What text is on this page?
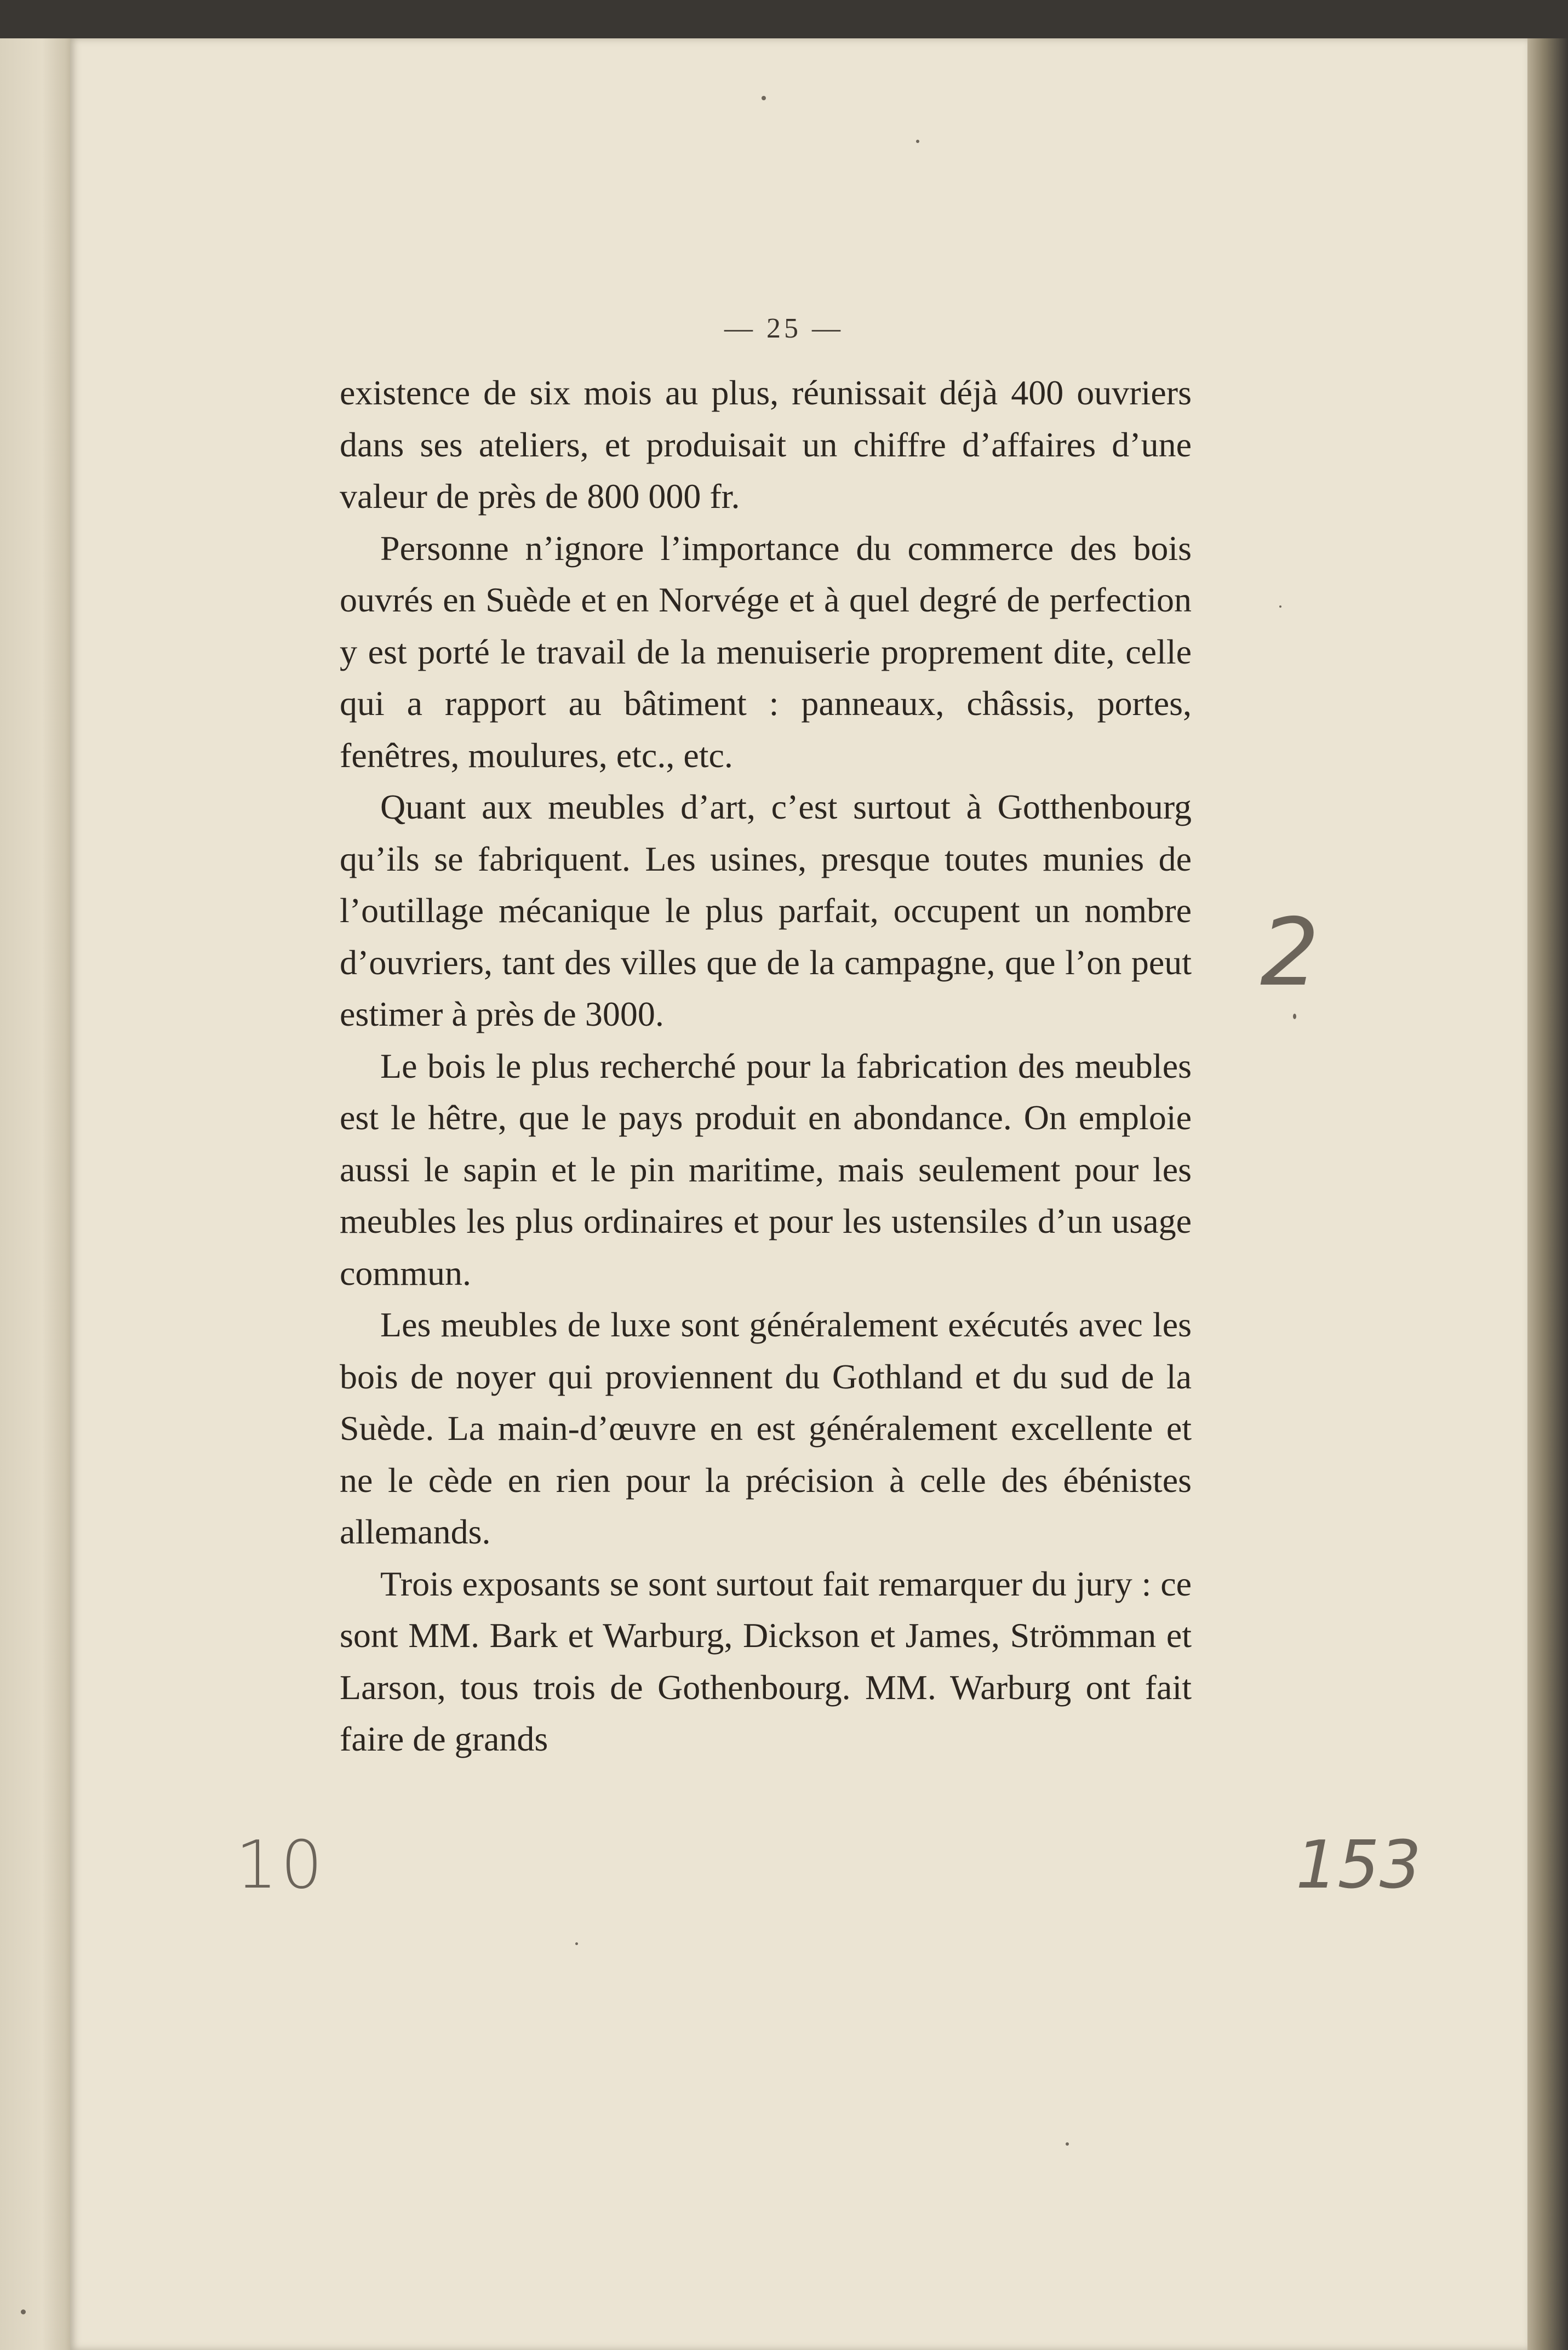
— 25 —

existence de six mois au plus, réunissait déjà 400 ouvriers dans ses ateliers, et produisait un chiffre d’affaires d’une valeur de près de 800 000 fr.

Personne n’ignore l’importance du commerce des bois ouvrés en Suède et en Norvége et à quel degré de perfection y est porté le travail de la menuiserie proprement dite, celle qui a rapport au bâtiment : panneaux, châssis, portes, fenêtres, moulures, etc., etc.

Quant aux meubles d’art, c’est surtout à Gotthenbourg qu’ils se fabriquent. Les usines, presque toutes munies de l’outillage mécanique le plus parfait, occupent un nombre d’ouvriers, tant des villes que de la campagne, que l’on peut estimer à près de 3000.

Le bois le plus recherché pour la fabrication des meubles est le hêtre, que le pays produit en abondance. On emploie aussi le sapin et le pin maritime, mais seulement pour les meubles les plus ordinaires et pour les ustensiles d’un usage commun.

Les meubles de luxe sont généralement exécutés avec les bois de noyer qui proviennent du Gothland et du sud de la Suède. La main-d’œuvre en est généralement excellente et ne le cède en rien pour la précision à celle des ébénistes allemands.

Trois exposants se sont surtout fait remarquer du jury : ce sont MM. Bark et Warburg, Dickson et James, Strömman et Larson, tous trois de Gothenbourg. MM. Warburg ont fait faire de grands

10	153
2
